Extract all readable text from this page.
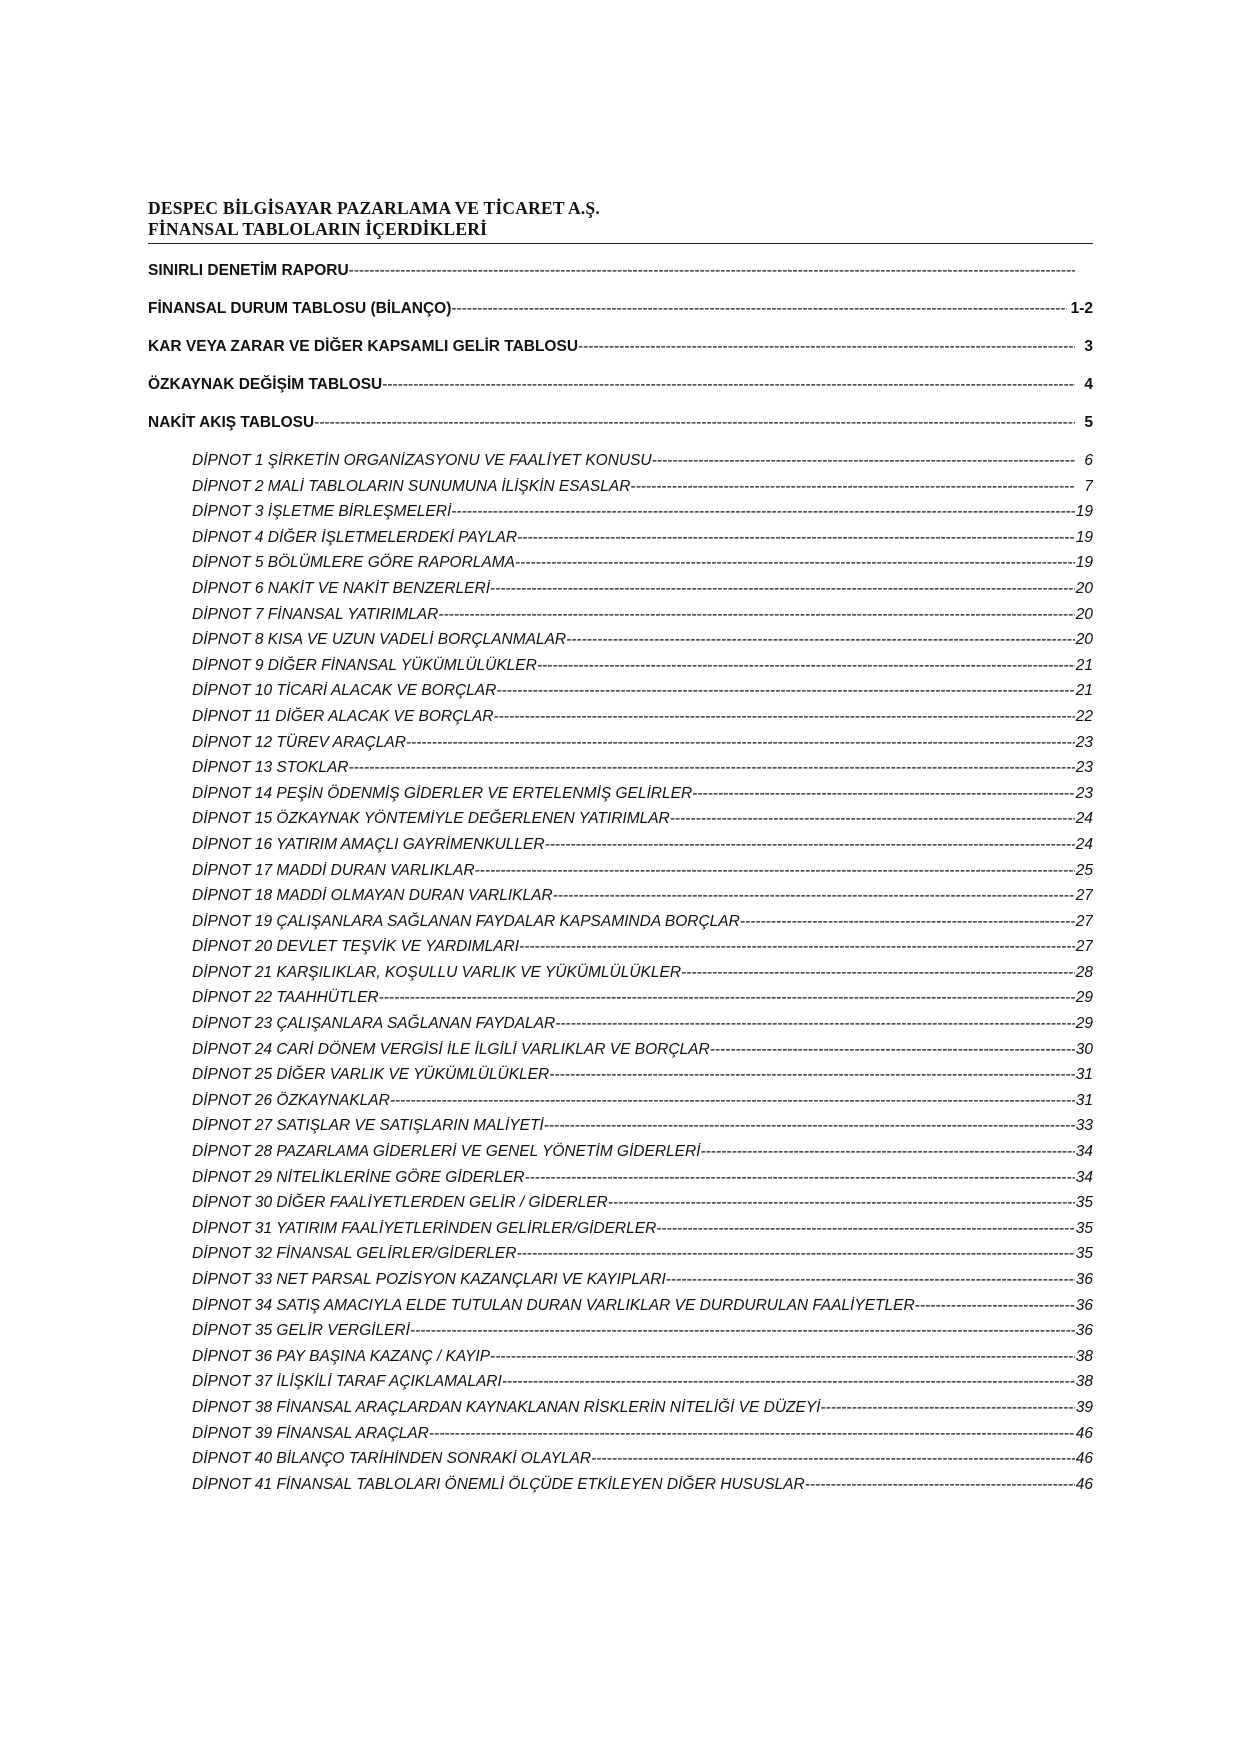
DESPEC BİLGİSAYAR PAZARLAMA VE TİCARET A.Ş.
FİNANSAL TABLOLARIN İÇERDİKLERİ
SINIRLI DENETİM RAPORU
-----
FİNANSAL DURUM TABLOSU (BİLANÇO) -----	1-2
KAR VEYA ZARAR VE DİĞER KAPSAMLI GELİR TABLOSU -----	3
ÖZKAYNAK DEĞİŞİM TABLOSU -----	4
NAKİT AKIŞ TABLOSU -----	5
DİPNOT 1 ŞİRKETİN ORGANİZASYONU VE FAALİYET KONUSU -----	6
DİPNOT 2 MALİ TABLOLARIN SUNUMUNA İLİŞKİN ESASLAR -----	7
DİPNOT 3 İŞLETME BİRLEŞMELERİ -----	19
DİPNOT 4 DİĞER İŞLETMELERDEKİ PAYLAR -----	19
DİPNOT 5 BÖLÜMLERE GÖRE RAPORLAMA -----	19
DİPNOT 6 NAKİT VE NAKİT BENZERLERİ -----	20
DİPNOT 7 FİNANSAL YATIRIMLAR -----	20
DİPNOT 8 KISA VE UZUN VADELİ BORÇLANMALAR -----	20
DİPNOT 9 DİĞER FİNANSAL YÜKÜMLÜLÜKLER -----	21
DİPNOT 10 TİCARİ ALACAK VE BORÇLAR -----	21
DİPNOT 11 DİĞER ALACAK VE BORÇLAR -----	22
DİPNOT 12 TÜREV ARAÇLAR -----	23
DİPNOT 13 STOKLAR -----	23
DİPNOT 14 PEŞİN ÖDENMİŞ GİDERLER VE ERTELENMİŞ GELİRLER -----	23
DİPNOT 15 ÖZKAYNAK YÖNTEMİYLE DEĞERLENEN YATIRIMLAR -----	24
DİPNOT 16 YATIRIM AMAÇLI GAYRİMENKULLER -----	24
DİPNOT 17 MADDİ DURAN VARLIKLAR -----	25
DİPNOT 18 MADDİ OLMAYAN DURAN VARLIKLAR -----	27
DİPNOT 19 ÇALIŞANLARA SAĞLANAN FAYDALAR KAPSAMINDA BORÇLAR -----	27
DİPNOT 20 DEVLET TEŞVİK VE YARDIMLARI -----	27
DİPNOT 21 KARŞILIKLAR, KOŞULLU VARLIK VE YÜKÜMLÜLÜKLER -----	28
DİPNOT 22 TAAHHÜTLER -----	29
DİPNOT 23 ÇALIŞANLARA SAĞLANAN FAYDALAR -----	29
DİPNOT 24 CARİ DÖNEM VERGİSİ İLE İLGİLİ VARLIKLAR VE BORÇLAR -----	30
DİPNOT 25 DİĞER VARLIK VE YÜKÜMLÜLÜKLER -----	31
DİPNOT 26 ÖZKAYNAKLAR -----	31
DİPNOT 27 SATIŞLAR VE SATIŞLARIN MALİYETİ -----	33
DİPNOT 28 PAZARLAMA GİDERLERİ VE GENEL YÖNETİM GİDERLERİ -----	34
DİPNOT 29 NİTELİKLERİNE GÖRE GİDERLER -----	34
DİPNOT 30 DİĞER FAALİYETLERDEN GELİR / GİDERLER -----	35
DİPNOT 31 YATIRIM FAALİYETLERİNDEN GELİRLER/GİDERLER -----	35
DİPNOT 32 FİNANSAL GELİRLER/GİDERLER -----	35
DİPNOT 33 NET PARSAL POZİSYON KAZANÇLARI VE KAYIPLARI -----	36
DİPNOT 34 SATIŞ AMACIYLA ELDE TUTULAN DURAN VARLIKLAR VE DURDURULAN FAALİYETLER -----	36
DİPNOT 35 GELİR VERGİLERİ -----	36
DİPNOT 36 PAY BAŞINA KAZANÇ / KAYIP -----	38
DİPNOT 37 İLİŞKİLİ TARAF AÇIKLAMALARI -----	38
DİPNOT 38 FİNANSAL ARAÇLARDAN KAYNAKLANAN RİSKLERİN NİTELİĞİ VE DÜZEYİ -----	39
DİPNOT 39 FİNANSAL ARAÇLAR -----	46
DİPNOT 40 BİLANÇO TARİHİNDEN SONRAKİ OLAYLAR -----	46
DİPNOT 41 FİNANSAL TABLOLARI ÖNEMLİ ÖLÇÜDE ETKİLEYEN DİĞER HUSUSLAR -----	46
